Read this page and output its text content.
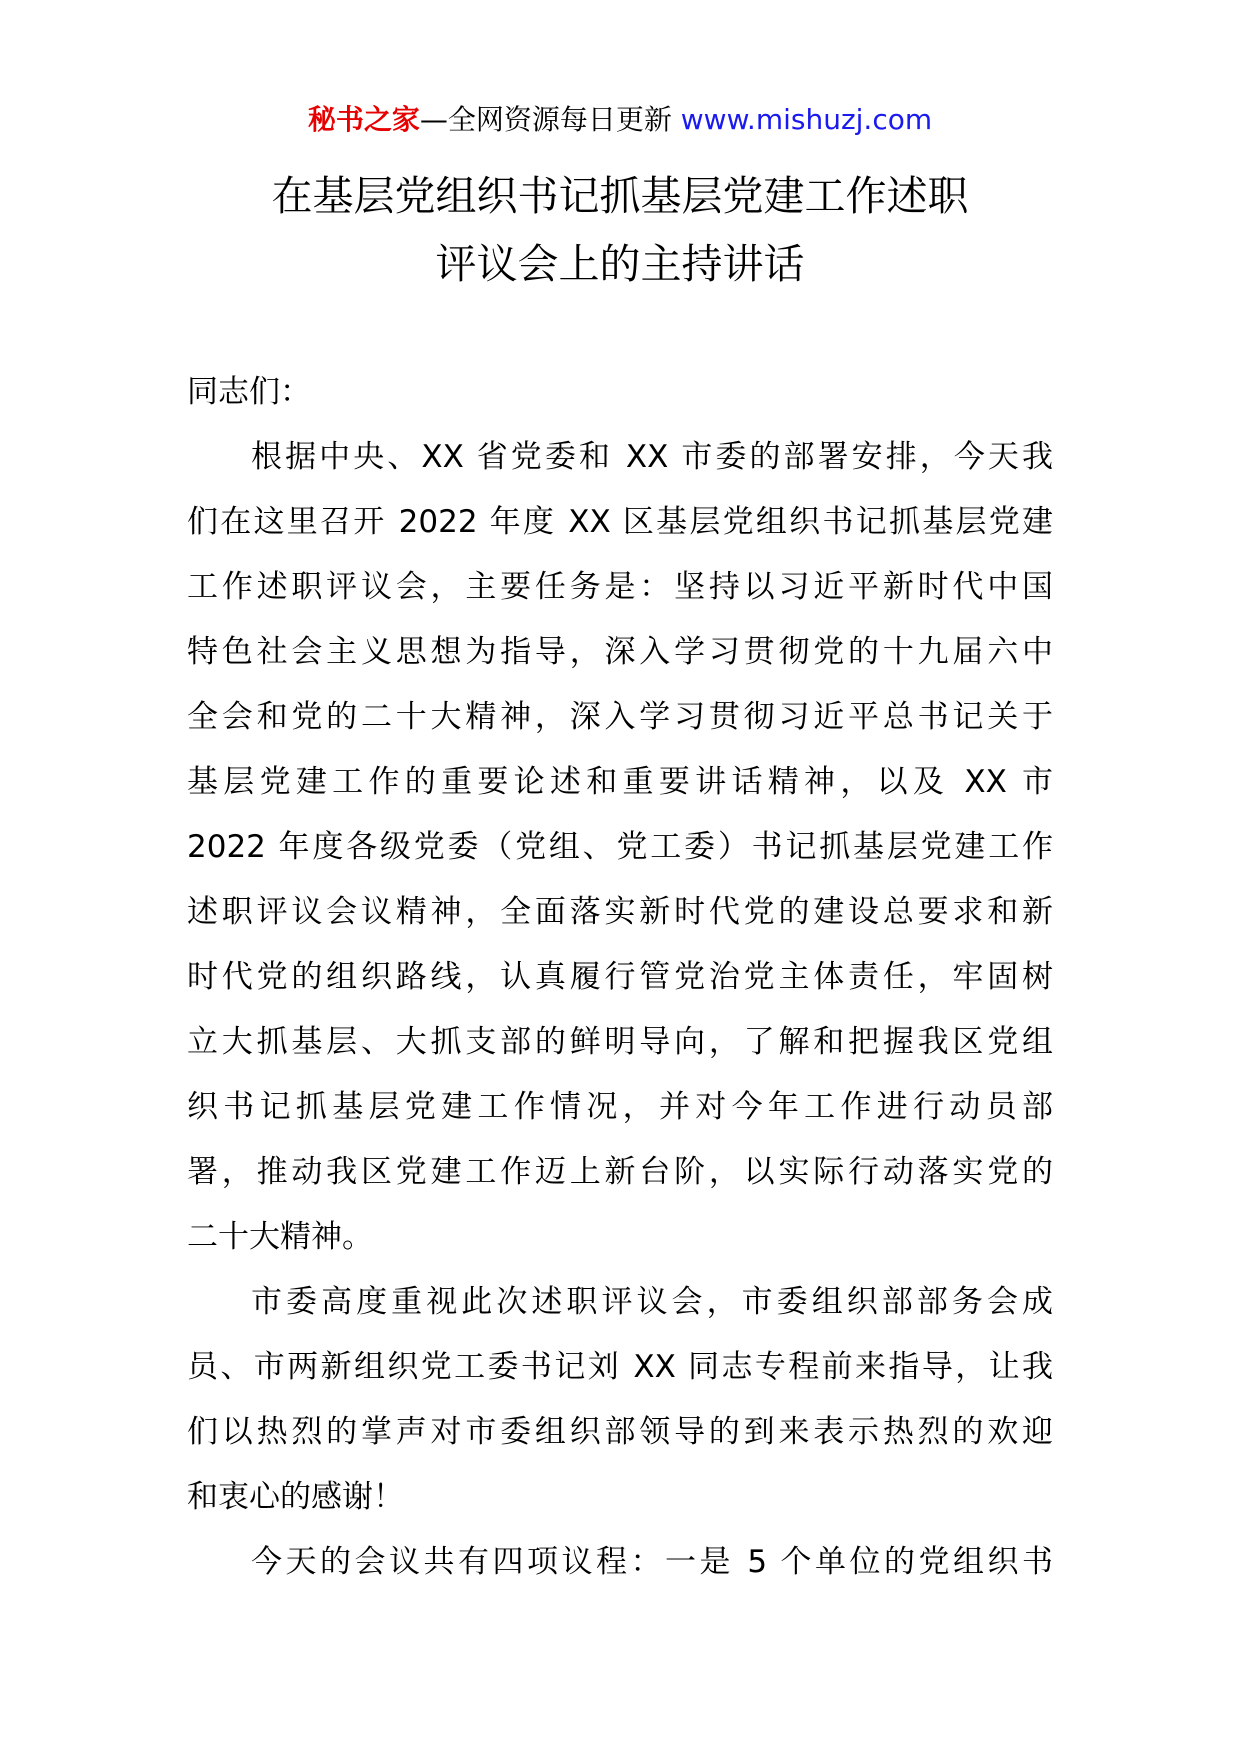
秘书之家—全网资源每日更新 www.mishuzj.com
在基层党组织书记抓基层党建工作述职
评议会上的主持讲话
同志们：
根据中央、XX 省党委和 XX 市委的部署安排，今天我
们在这里召开 2022 年度 XX 区基层党组织书记抓基层党建
工作述职评议会，主要任务是：坚持以习近平新时代中国
特色社会主义思想为指导，深入学习贯彻党的十九届六中
全会和党的二十大精神，深入学习贯彻习近平总书记关于
基层党建工作的重要论述和重要讲话精神，以及 XX 市
2022 年度各级党委（党组、党工委）书记抓基层党建工作
述职评议会议精神，全面落实新时代党的建设总要求和新
时代党的组织路线，认真履行管党治党主体责任，牢固树
立大抓基层、大抓支部的鲜明导向，了解和把握我区党组
织书记抓基层党建工作情况，并对今年工作进行动员部
署，推动我区党建工作迈上新台阶，以实际行动落实党的
二十大精神。
市委高度重视此次述职评议会，市委组织部部务会成
员、市两新组织党工委书记刘 XX 同志专程前来指导，让我
们以热烈的掌声对市委组织部领导的到来表示热烈的欢迎
和衷心的感谢！
今天的会议共有四项议程：一是 5 个单位的党组织书
